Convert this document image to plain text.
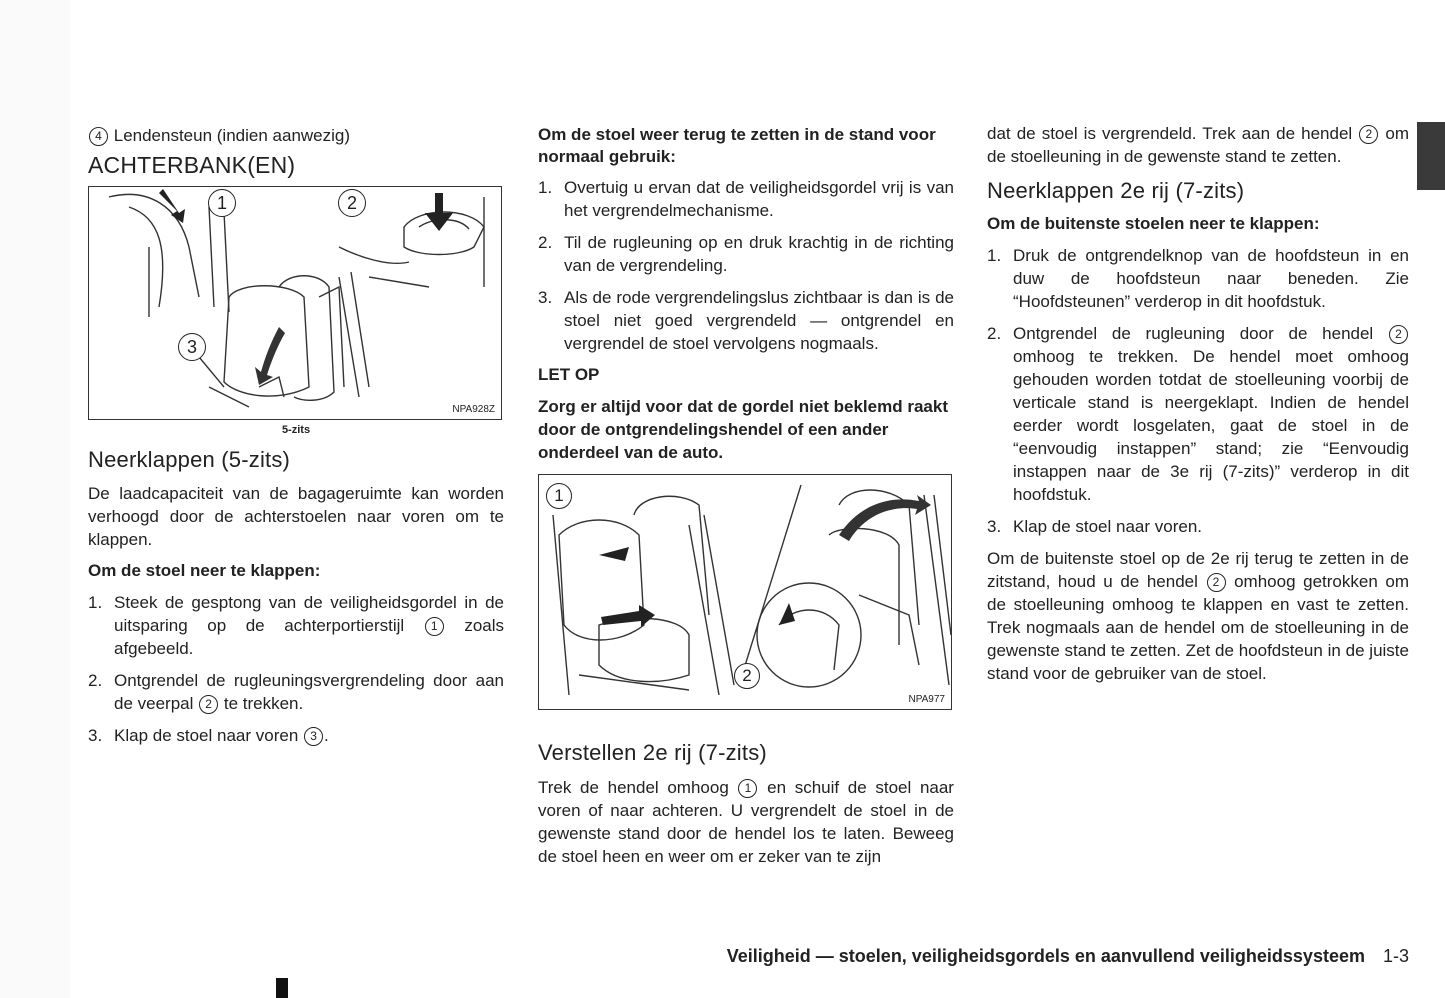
4 Lendensteun (indien aanwezig)

ACHTERBANK(EN)
1	2
3
NPA928Z
5-zits
Neerklappen (5-zits)

De laadcapaciteit van de bagageruimte kan worden verhoogd door de achterstoelen naar voren om te klappen.

Om de stoel neer te klappen:

1. Steek de gesptong van de veiligheidsgordel in de uitsparing op de achterportierstijl 1 zoals afgebeeld.
2. Ontgrendel de rugleuningsvergrendeling door aan de veerpal 2 te trekken.
3. Klap de stoel naar voren 3 .

Om de stoel weer terug te zetten in de stand voor normaal gebruik:

1. Overtuig u ervan dat de veiligheidsgordel vrij is van het vergrendelmechanisme.
2. Til de rugleuning op en druk krachtig in de richting van de vergrendeling.
3. Als de rode vergrendelingslus zichtbaar is dan is de stoel niet goed vergrendeld — ontgrendel en vergrendel de stoel vervolgens nogmaals.

LET OP

Zorg er altijd voor dat de gordel niet beklemd raakt door de ontgrendelingshendel of een ander onderdeel van de auto.

1
2
NPA977
Verstellen 2e rij (7-zits)

Trek de hendel omhoog 1 en schuif de stoel naar voren of naar achteren. U vergrendelt de stoel in de gewenste stand door de hendel los te laten. Beweeg de stoel heen en weer om er zeker van te zijn

dat de stoel is vergrendeld. Trek aan de hendel 2 om de stoelleuning in de gewenste stand te zetten.

Neerklappen 2e rij (7-zits)

Om de buitenste stoelen neer te klappen:

1. Druk de ontgrendelknop van de hoofdsteun in en duw de hoofdsteun naar beneden. Zie “Hoofdsteunen” verderop in dit hoofdstuk.
2. Ontgrendel de rugleuning door de hendel 2 omhoog te trekken. De hendel moet omhoog gehouden worden totdat de stoelleuning voorbij de verticale stand is neergeklapt. Indien de hendel eerder wordt losgelaten, gaat de stoel in de “eenvoudig instappen” stand; zie “Eenvoudig instappen naar de 3e rij (7-zits)” verderop in dit hoofdstuk.
3. Klap de stoel naar voren.

Om de buitenste stoel op de 2e rij terug te zetten in de zitstand, houd u de hendel 2 omhoog getrokken om de stoelleuning omhoog te klappen en vast te zetten. Trek nogmaals aan de hendel om de stoelleuning in de gewenste stand te zetten. Zet de hoofdsteun in de juiste stand voor de gebruiker van de stoel.

Veiligheid — stoelen, veiligheidsgordels en aanvullend veiligheidssysteem 1-3
